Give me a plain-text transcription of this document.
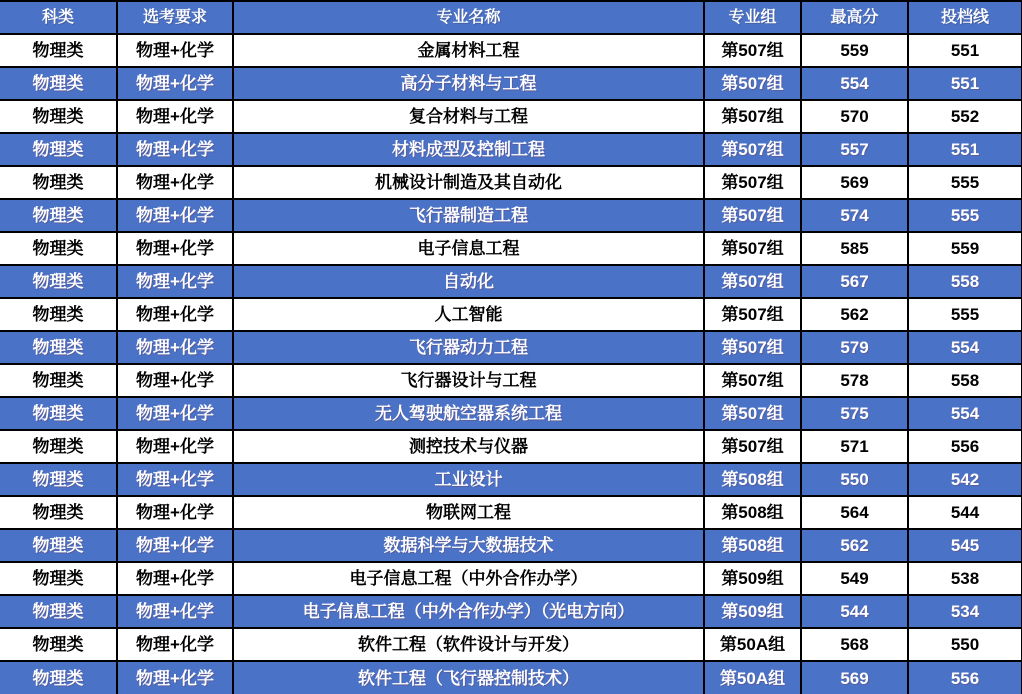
科类	选考要求	专业名称	专业组	最高分	投档线
物理类	物理+化学	金属材料工程	第507组	559	551
物理类	物理+化学	高分子材料与工程	第507组	554	551
物理类	物理+化学	复合材料与工程	第507组	570	552
物理类	物理+化学	材料成型及控制工程	第507组	557	551
物理类	物理+化学	机械设计制造及其自动化	第507组	569	555
物理类	物理+化学	飞行器制造工程	第507组	574	555
物理类	物理+化学	电子信息工程	第507组	585	559
物理类	物理+化学	自动化	第507组	567	558
物理类	物理+化学	人工智能	第507组	562	555
物理类	物理+化学	飞行器动力工程	第507组	579	554
物理类	物理+化学	飞行器设计与工程	第507组	578	558
物理类	物理+化学	无人驾驶航空器系统工程	第507组	575	554
物理类	物理+化学	测控技术与仪器	第507组	571	556
物理类	物理+化学	工业设计	第508组	550	542
物理类	物理+化学	物联网工程	第508组	564	544
物理类	物理+化学	数据科学与大数据技术	第508组	562	545
物理类	物理+化学	电子信息工程（中外合作办学）	第509组	549	538
物理类	物理+化学	电子信息工程（中外合作办学）（光电方向）	第509组	544	534
物理类	物理+化学	软件工程（软件设计与开发）	第50A组	568	550
物理类	物理+化学	软件工程（飞行器控制技术）	第50A组	569	556
